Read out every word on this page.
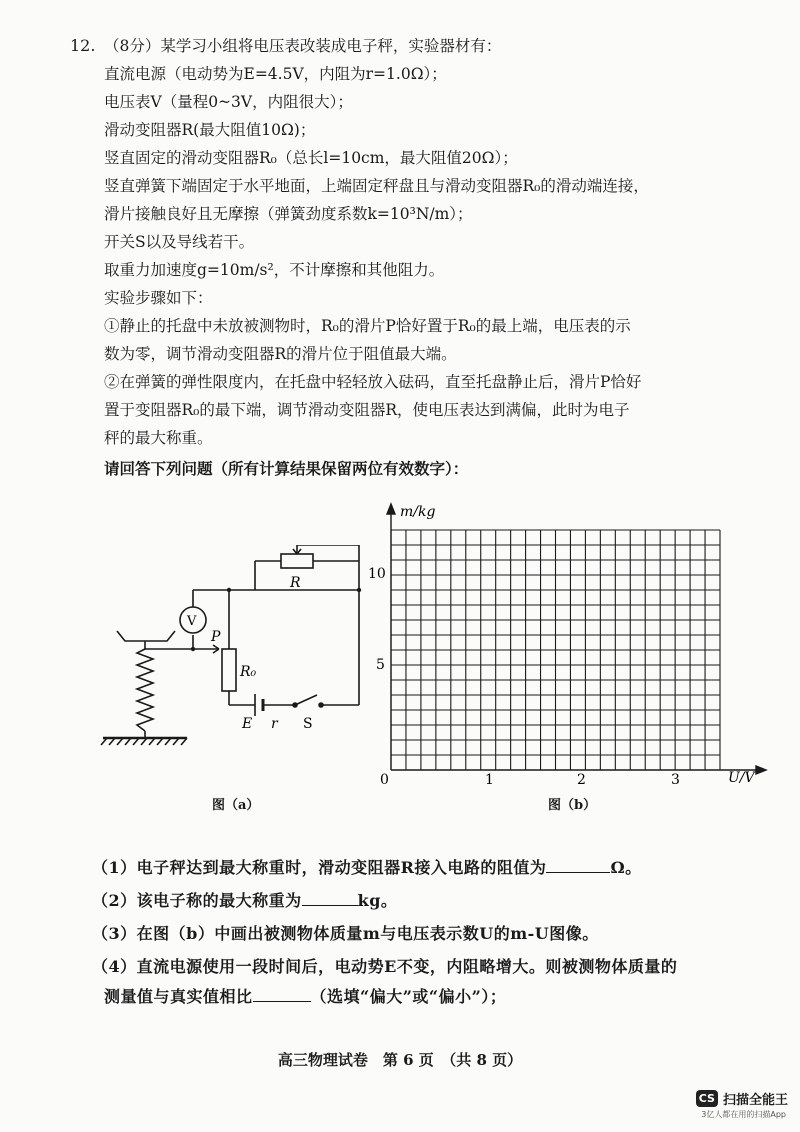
12. （8分）某学习小组将电压表改装成电子秤，实验器材有：
直流电源（电动势为E=4.5V，内阻为r=1.0Ω）；
电压表V（量程0~3V，内阻很大）；
滑动变阻器R(最大阻值10Ω)；
竖直固定的滑动变阻器R₀（总长l=10cm，最大阻值20Ω）；
竖直弹簧下端固定于水平地面，上端固定秤盘且与滑动变阻器R₀的滑动端连接，
滑片接触良好且无摩擦（弹簧劲度系数k=10³N/m）；
开关S以及导线若干。
取重力加速度g=10m/s²，不计摩擦和其他阻力。
实验步骤如下：
①静止的托盘中未放被测物时，R₀的滑片P恰好置于R₀的最上端，电压表的示
数为零，调节滑动变阻器R的滑片位于阻值最大端。
②在弹簧的弹性限度内，在托盘中轻轻放入砝码，直至托盘静止后，滑片P恰好
置于变阻器R₀的最下端，调节滑动变阻器R，使电压表达到满偏，此时为电子
秤的最大称重。
请回答下列问题（所有计算结果保留两位有效数字）：
V
P
R₀
R
E r S
图（a）
m/kg
U/V
0	1	2	3
5
10
图（b）
（1）电子秤达到最大称重时，滑动变阻器R接入电路的阻值为	Ω。
（2）该电子称的最大称重为	kg。
（3）在图（b）中画出被测物体质量m与电压表示数U的m-U图像。
（4）直流电源使用一段时间后，电动势E不变，内阻略增大。则被测物体质量的
测量值与真实值相比	（选填“偏大”或“偏小”）；
高三物理试卷　第 6 页　（共 8 页）
CS 扫描全能王
3亿人都在用的扫描App
